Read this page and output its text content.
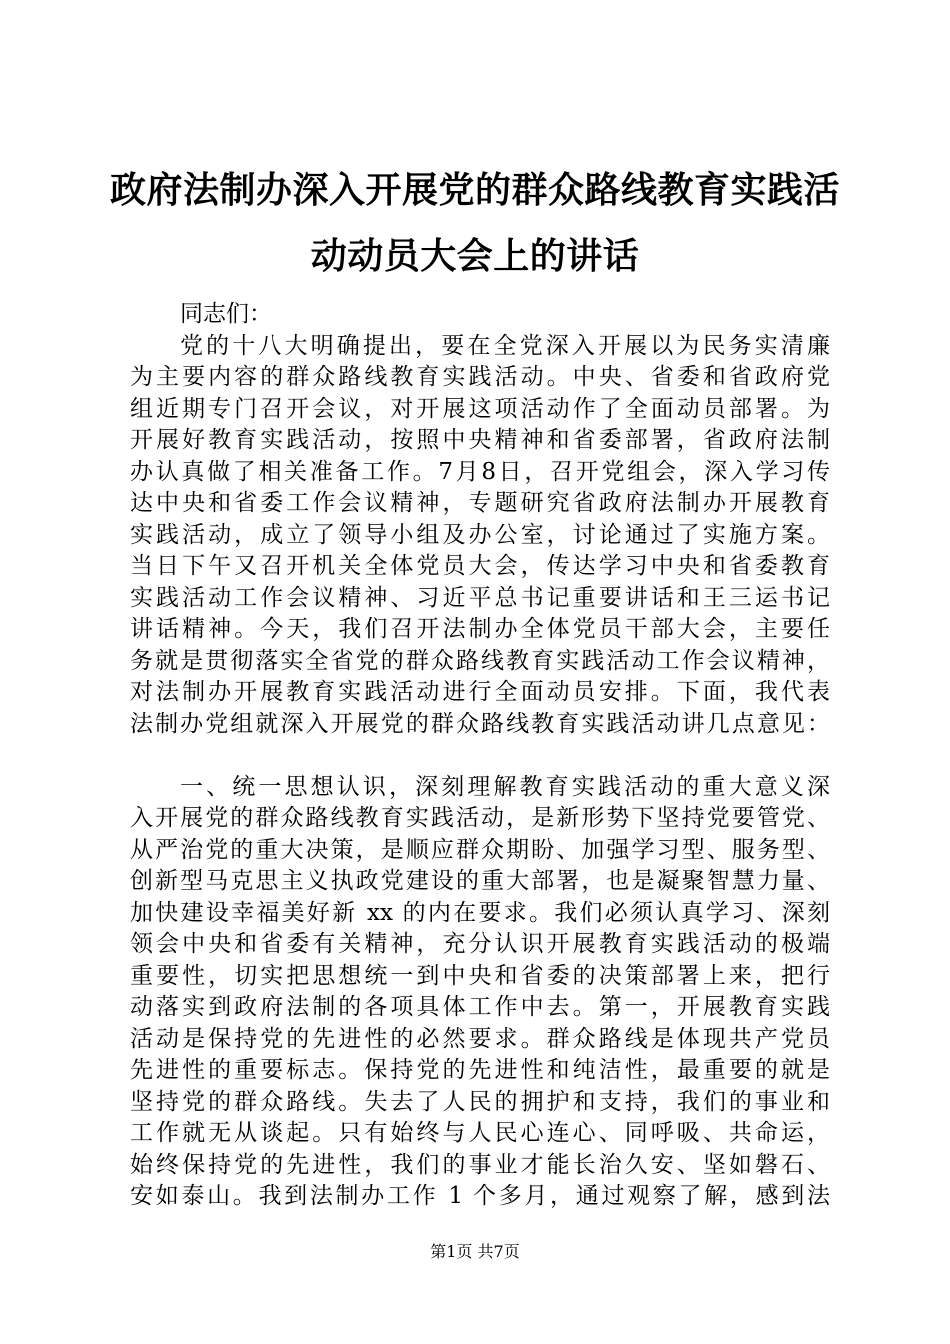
政府法制办深入开展党的群众路线教育实践活
动动员大会上的讲话
同志们：
党的十八大明确提出，要在全党深入开展以为民务实清廉
为主要内容的群众路线教育实践活动。中央、省委和省政府党
组近期专门召开会议，对开展这项活动作了全面动员部署。为
开展好教育实践活动，按照中央精神和省委部署，省政府法制
办认真做了相关准备工作。7月8日，召开党组会，深入学习传
达中央和省委工作会议精神，专题研究省政府法制办开展教育
实践活动，成立了领导小组及办公室，讨论通过了实施方案。
当日下午又召开机关全体党员大会，传达学习中央和省委教育
实践活动工作会议精神、习近平总书记重要讲话和王三运书记
讲话精神。今天，我们召开法制办全体党员干部大会，主要任
务就是贯彻落实全省党的群众路线教育实践活动工作会议精神，
对法制办开展教育实践活动进行全面动员安排。下面，我代表
法制办党组就深入开展党的群众路线教育实践活动讲几点意见：
一、统一思想认识，深刻理解教育实践活动的重大意义深
入开展党的群众路线教育实践活动，是新形势下坚持党要管党、
从严治党的重大决策，是顺应群众期盼、加强学习型、服务型、
创新型马克思主义执政党建设的重大部署，也是凝聚智慧力量、
加快建设幸福美好新 xx 的内在要求。我们必须认真学习、深刻
领会中央和省委有关精神，充分认识开展教育实践活动的极端
重要性，切实把思想统一到中央和省委的决策部署上来，把行
动落实到政府法制的各项具体工作中去。第一，开展教育实践
活动是保持党的先进性的必然要求。群众路线是体现共产党员
先进性的重要标志。保持党的先进性和纯洁性，最重要的就是
坚持党的群众路线。失去了人民的拥护和支持，我们的事业和
工作就无从谈起。只有始终与人民心连心、同呼吸、共命运，
始终保持党的先进性，我们的事业才能长治久安、坚如磐石、
安如泰山。我到法制办工作 1 个多月，通过观察了解，感到法
第1页 共7页
